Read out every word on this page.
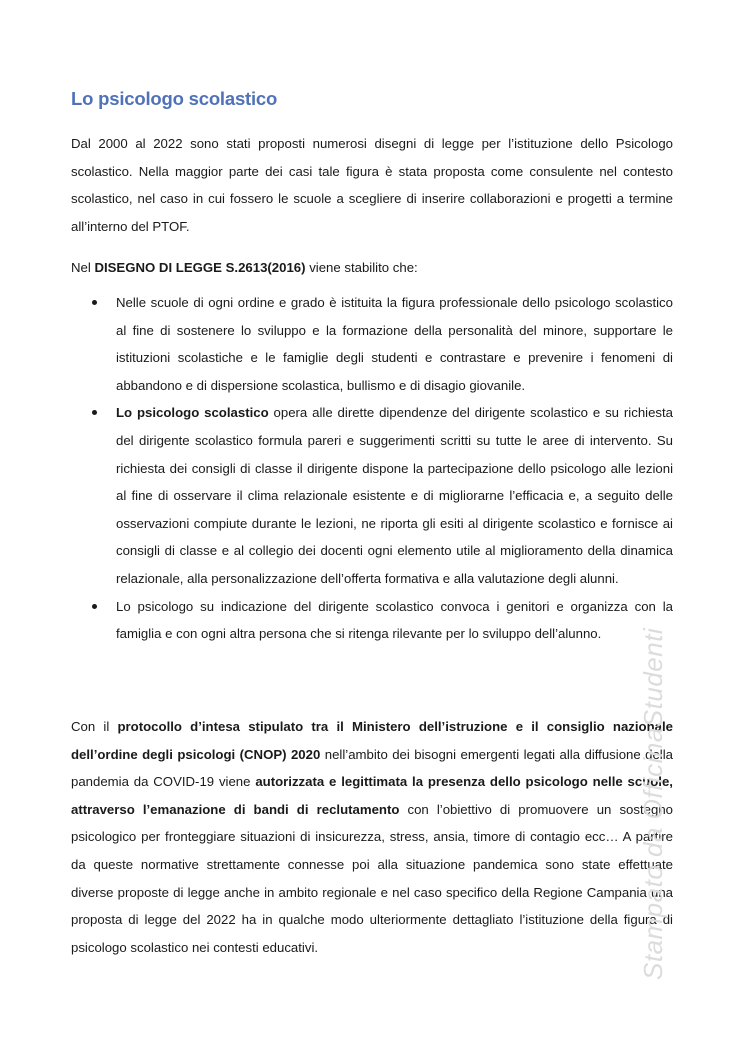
Lo psicologo scolastico

Dal 2000 al 2022 sono stati proposti numerosi disegni di legge per l’istituzione dello Psicologo scolastico. Nella maggior parte dei casi tale figura è stata proposta come consulente nel contesto scolastico, nel caso in cui fossero le scuole a scegliere di inserire collaborazioni e progetti a termine all’interno del PTOF.

Nel DISEGNO DI LEGGE S.2613(2016) viene stabilito che:

Nelle scuole di ogni ordine e grado è istituita la figura professionale dello psicologo scolastico al fine di sostenere lo sviluppo e la formazione della personalità del minore, supportare le istituzioni scolastiche e le famiglie degli studenti e contrastare e prevenire i fenomeni di abbandono e di dispersione scolastica, bullismo e di disagio giovanile.
Lo psicologo scolastico opera alle dirette dipendenze del dirigente scolastico e su richiesta del dirigente scolastico formula pareri e suggerimenti scritti su tutte le aree di intervento. Su richiesta dei consigli di classe il dirigente dispone la partecipazione dello psicologo alle lezioni al fine di osservare il clima relazionale esistente e di migliorarne l’efficacia e, a seguito delle osservazioni compiute durante le lezioni, ne riporta gli esiti al dirigente scolastico e fornisce ai consigli di classe e al collegio dei docenti ogni elemento utile al miglioramento della dinamica relazionale, alla personalizzazione dell’offerta formativa e alla valutazione degli alunni.
Lo psicologo su indicazione del dirigente scolastico convoca i genitori e organizza con la famiglia e con ogni altra persona che si ritenga rilevante per lo sviluppo dell’alunno.

Con il protocollo d’intesa stipulato tra il Ministero dell’istruzione e il consiglio nazionale dell’ordine degli psicologi (CNOP) 2020 nell’ambito dei bisogni emergenti legati alla diffusione della pandemia da COVID-19 viene autorizzata e legittimata la presenza dello psicologo nelle scuole, attraverso l’emanazione di bandi di reclutamento con l’obiettivo di promuovere un sostegno psicologico per fronteggiare situazioni di insicurezza, stress, ansia, timore di contagio ecc… A partire da queste normative strettamente connesse poi alla situazione pandemica sono state effettuate diverse proposte di legge anche in ambito regionale e nel caso specifico della Regione Campania una proposta di legge del 2022 ha in qualche modo ulteriormente dettagliato l’istituzione della figura di psicologo scolastico nei contesti educativi.	Stampato da OfficinaStudenti
